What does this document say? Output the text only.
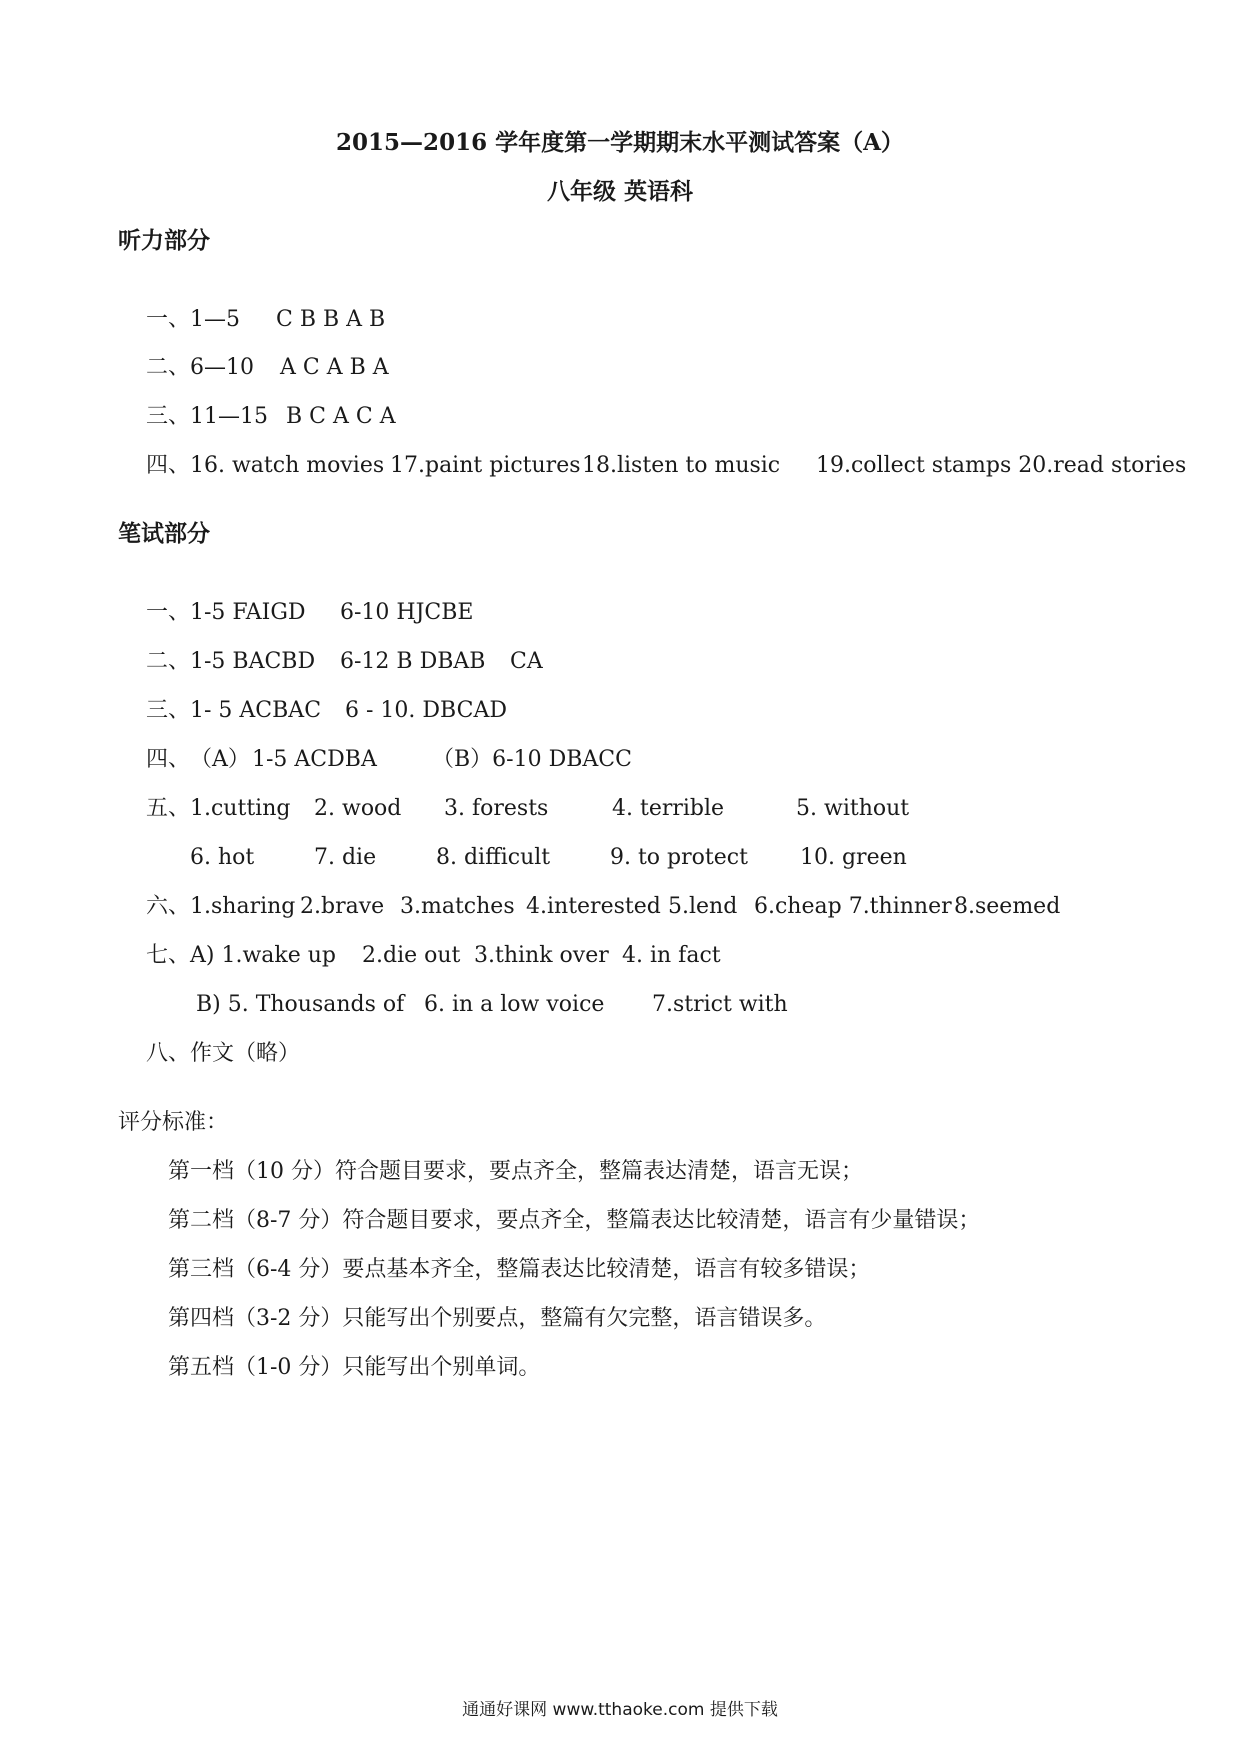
2015—2016 学年度第一学期期末水平测试答案（A）
八年级 英语科
听力部分

一、1—5 C B B A B

二、6—10 A C A B A

三、11—15 B C A C A

四、16. watch movies 17.paint pictures18.listen to music 19.collect stamps 20.read stories

笔试部分

一、1-5 FAIGD 6-10 HJCBE

二、1-5 BACBD 6-12 B DBAB CA

三、1- 5 ACBAC 6 - 10. DBCAD

四、（A）1-5 ACDBA	（B）6-10 DBACC

五、1.cutting 2. wood 3. forests	4. terrible	5. without

6. hot	7. die	8. difficult	9. to protect 10. green

六、1.sharing 2.brave 3.matches 4.interested 5.lend 6.cheap 7.thinner 8.seemed

七、A) 1.wake up 2.die out 3.think over 4. in fact

B) 5. Thousands of 6. in a low voice 7.strict with

八、作文（略）

评分标准：
第一档（10 分）符合题目要求，要点齐全，整篇表达清楚，语言无误；
第二档（8-7 分）符合题目要求，要点齐全，整篇表达比较清楚，语言有少量错误；
第三档（6-4 分）要点基本齐全，整篇表达比较清楚，语言有较多错误；
第四档（3-2 分）只能写出个别要点，整篇有欠完整，语言错误多。
第五档（1-0 分）只能写出个别单词。
通通好课网 www.tthaoke.com 提供下载
